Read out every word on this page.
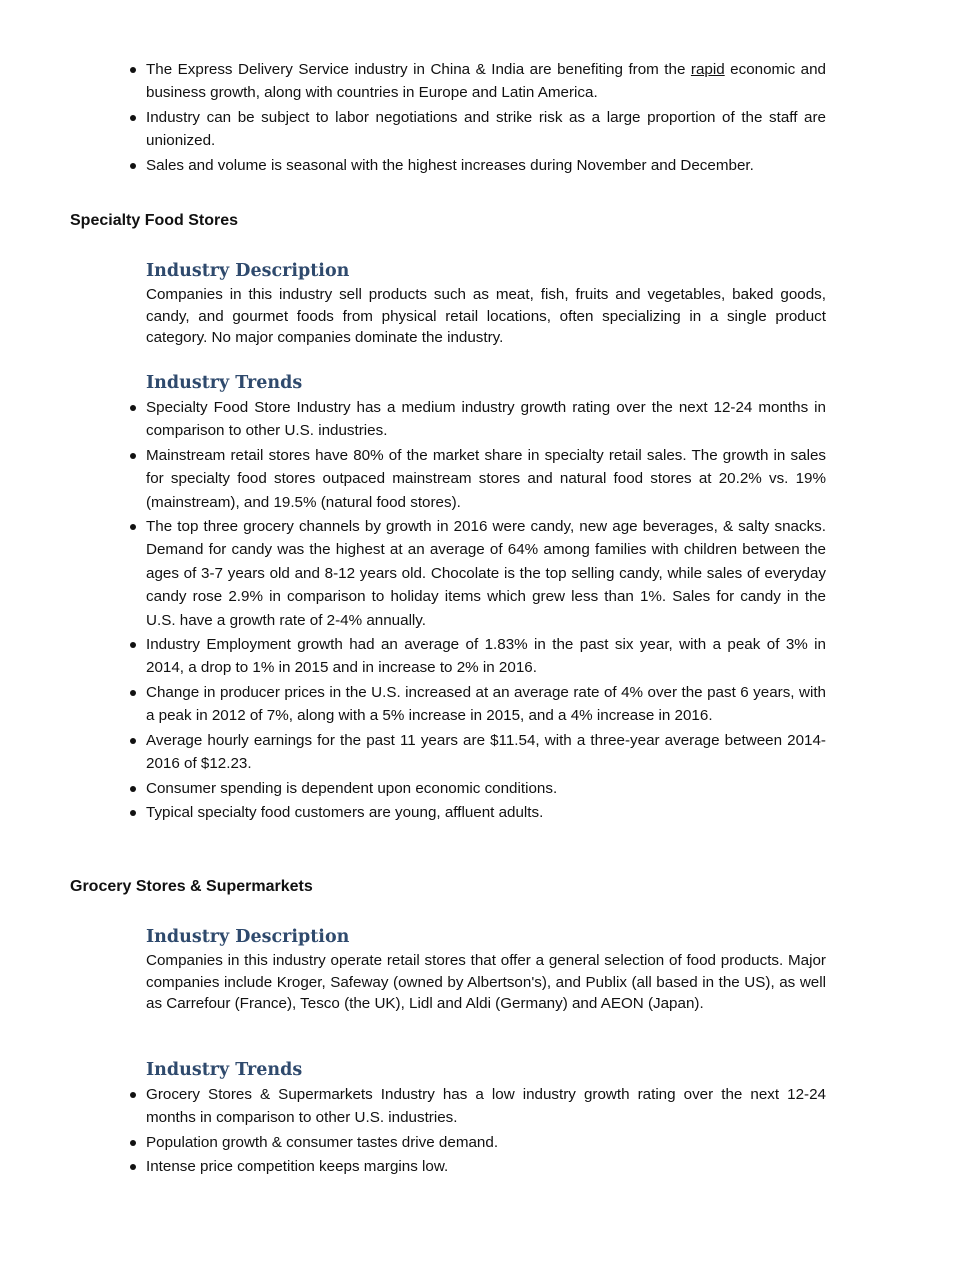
The Express Delivery Service industry in China & India are benefiting from the rapid economic and business growth, along with countries in Europe and Latin America.
Industry can be subject to labor negotiations and strike risk as a large proportion of the staff are unionized.
Sales and volume is seasonal with the highest increases during November and December.
Specialty Food Stores
Industry Description

Companies in this industry sell products such as meat, fish, fruits and vegetables, baked goods, candy, and gourmet foods from physical retail locations, often specializing in a single product category. No major companies dominate the industry.

Industry Trends
Specialty Food Store Industry has a medium industry growth rating over the next 12-24 months in comparison to other U.S. industries.
Mainstream retail stores have 80% of the market share in specialty retail sales. The growth in sales for specialty food stores outpaced mainstream stores and natural food stores at 20.2% vs. 19% (mainstream), and 19.5% (natural food stores).
The top three grocery channels by growth in 2016 were candy, new age beverages, & salty snacks. Demand for candy was the highest at an average of 64% among families with children between the ages of 3-7 years old and 8-12 years old. Chocolate is the top selling candy, while sales of everyday candy rose 2.9% in comparison to holiday items which grew less than 1%. Sales for candy in the U.S. have a growth rate of 2-4% annually.
Industry Employment growth had an average of 1.83% in the past six year, with a peak of 3% in 2014, a drop to 1% in 2015 and in increase to 2% in 2016.
Change in producer prices in the U.S. increased at an average rate of 4% over the past 6 years, with a peak in 2012 of 7%, along with a 5% increase in 2015, and a 4% increase in 2016.
Average hourly earnings for the past 11 years are $11.54, with a three-year average between 2014-2016 of $12.23.
Consumer spending is dependent upon economic conditions.
Typical specialty food customers are young, affluent adults.
Grocery Stores & Supermarkets
Industry Description

Companies in this industry operate retail stores that offer a general selection of food products. Major companies include Kroger, Safeway (owned by Albertson's), and Publix (all based in the US), as well as Carrefour (France), Tesco (the UK), Lidl and Aldi (Germany) and AEON (Japan).

Industry Trends
Grocery Stores & Supermarkets Industry has a low industry growth rating over the next 12-24 months in comparison to other U.S. industries.
Population growth & consumer tastes drive demand.
Intense price competition keeps margins low.
